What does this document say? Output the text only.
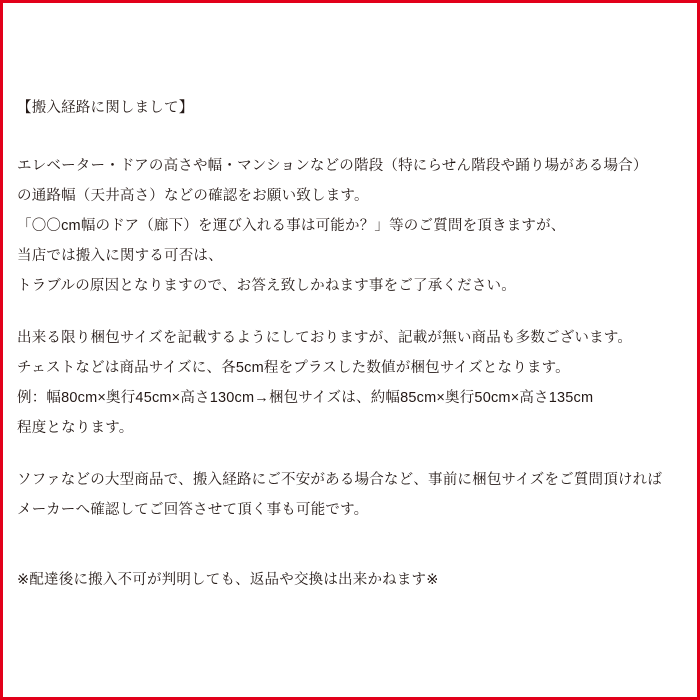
【搬入経路に関しまして】
エレベーター・ドアの高さや幅・マンションなどの階段（特にらせん階段や踊り場がある場合）
の通路幅（天井高さ）などの確認をお願い致します。
「〇〇cm幅のドア（廊下）を運び入れる事は可能か？」等のご質問を頂きますが、
当店では搬入に関する可否は、
トラブルの原因となりますので、お答え致しかねます事をご了承ください。
出来る限り梱包サイズを記載するようにしておりますが、記載が無い商品も多数ございます。
チェストなどは商品サイズに、各5cm程をプラスした数値が梱包サイズとなります。
例：幅80cm×奥行45cm×高さ130cm→梱包サイズは、約幅85cm×奥行50cm×高さ135cm
程度となります。
ソファなどの大型商品で、搬入経路にご不安がある場合など、事前に梱包サイズをご質問頂ければ
メーカーへ確認してご回答させて頂く事も可能です。
※配達後に搬入不可が判明しても、返品や交換は出来かねます※
